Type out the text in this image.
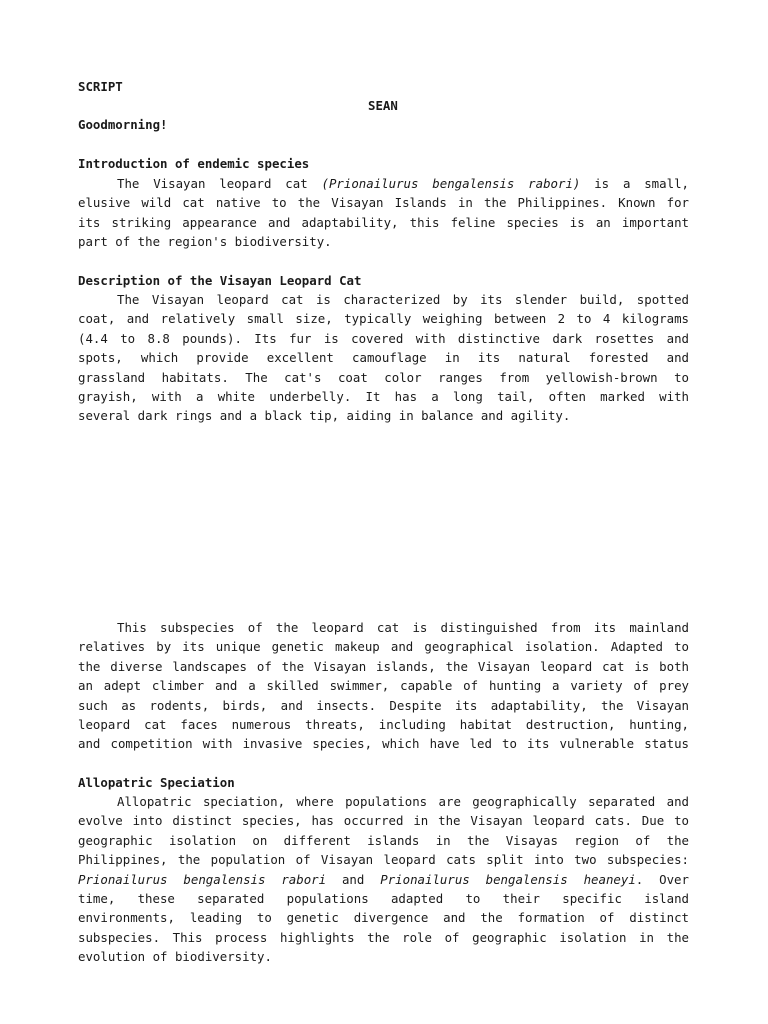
SCRIPT
SEAN
Goodmorning!
Introduction of endemic species
The Visayan leopard cat (Prionailurus bengalensis rabori) is a small,
elusive wild cat native to the Visayan Islands in the Philippines. Known for
its striking appearance and adaptability, this feline species is an important
part of the region's biodiversity.
Description of the Visayan Leopard Cat
The Visayan leopard cat is characterized by its slender build, spotted
coat, and relatively small size, typically weighing between 2 to 4 kilograms
(4.4 to 8.8 pounds). Its fur is covered with distinctive dark rosettes and
spots, which provide excellent camouflage in its natural forested and
grassland habitats. The cat's coat color ranges from yellowish-brown to
grayish, with a white underbelly. It has a long tail, often marked with
several dark rings and a black tip, aiding in balance and agility.
This subspecies of the leopard cat is distinguished from its mainland
relatives by its unique genetic makeup and geographical isolation. Adapted to
the diverse landscapes of the Visayan islands, the Visayan leopard cat is both
an adept climber and a skilled swimmer, capable of hunting a variety of prey
such as rodents, birds, and insects. Despite its adaptability, the Visayan
leopard cat faces numerous threats, including habitat destruction, hunting,
and competition with invasive species, which have led to its vulnerable status
Allopatric Speciation
Allopatric speciation, where populations are geographically separated and
evolve into distinct species, has occurred in the Visayan leopard cats. Due to
geographic isolation on different islands in the Visayas region of the
Philippines, the population of Visayan leopard cats split into two subspecies:
Prionailurus bengalensis rabori and Prionailurus bengalensis heaneyi. Over
time, these separated populations adapted to their specific island
environments, leading to genetic divergence and the formation of distinct
subspecies. This process highlights the role of geographic isolation in the
evolution of biodiversity.
